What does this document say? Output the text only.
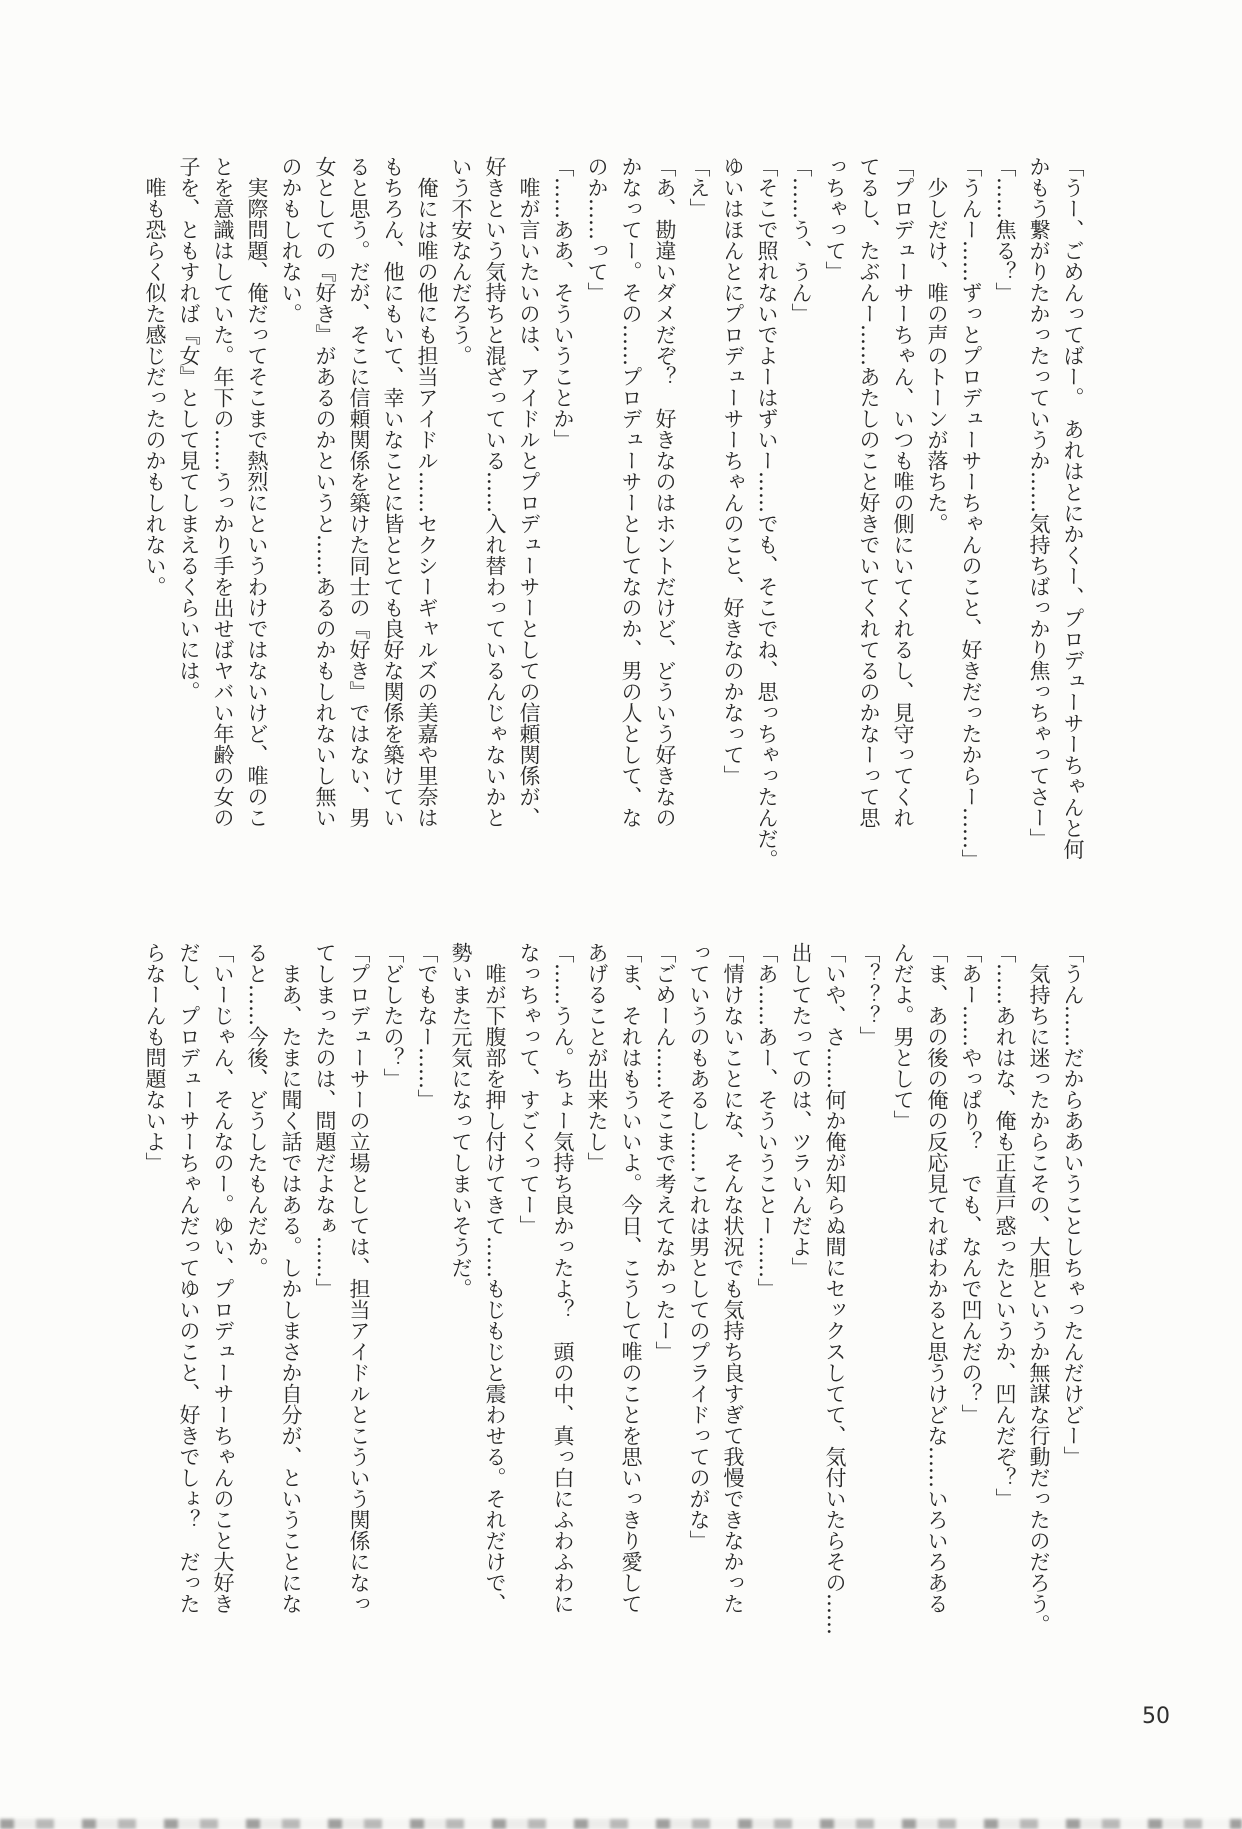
「うー、ごめんってばー。　あれはとにかくー、プロデューサーちゃんと何

かもう繋がりたかったっていうか……気持ちばっかり焦っちゃってさー」

「……焦る？」

「うんー……ずっとプロデューサーちゃんのこと、好きだったからー……」

　少しだけ、唯の声のトーンが落ちた。

「プロデューサーちゃん、いつも唯の側にいてくれるし、見守ってくれ

てるし、たぶんー……あたしのこと好きでいてくれてるのかなーって思

っちゃって」

「……う、うん」

「そこで照れないでよーはずいー……でも、そこでね、思っちゃったんだ。

ゆいはほんとにプロデューサーちゃんのこと、好きなのかなって」

「え」

「あ、勘違いダメだぞ？　好きなのはホントだけど、どういう好きなの

かなってー。その……プロデューサーとしてなのか、男の人として、な

のか……って」

「……ああ、そういうことか」

　唯が言いたいのは、アイドルとプロデューサーとしての信頼関係が、

好きという気持ちと混ざっている……入れ替わっているんじゃないかと

いう不安なんだろう。

　俺には唯の他にも担当アイドル……セクシーギャルズの美嘉や里奈は

もちろん、他にもいて、幸いなことに皆ととても良好な関係を築けてい

ると思う。だが、そこに信頼関係を築けた同士の『好き』ではない、男

女としての『好き』があるのかというと……あるのかもしれないし無い

のかもしれない。

　実際問題、俺だってそこまで熱烈にというわけではないけど、唯のこ

とを意識はしていた。年下の……うっかり手を出せばヤバい年齢の女の

子を、ともすれば『女』として見てしまえるくらいには。

　唯も恐らく似た感じだったのかもしれない。

「うん……だからああいうことしちゃったんだけどー」

　気持ちに迷ったからこその、大胆というか無謀な行動だったのだろう。

「……あれはな、俺も正直戸惑ったというか、凹んだぞ？」

「あー……やっぱり？　でも、なんで凹んだの？」

「ま、あの後の俺の反応見てればわかると思うけどな……いろいろある

んだよ。男として」

「？？？」

「いや、さ……何か俺が知らぬ間にセックスしてて、気付いたらその……

出してたってのは、ツラいんだよ」

「あ……あー、そういうことー……」

「情けないことにな、そんな状況でも気持ち良すぎて我慢できなかった

っていうのもあるし……これは男としてのプライドってのがな」

「ごめーん……そこまで考えてなかったー」

「ま、それはもういいよ。今日、こうして唯のことを思いっきり愛して

あげることが出来たし」

「……うん。ちょー気持ち良かったよ？　頭の中、真っ白にふわふわに

なっちゃって、すごくってー」

　唯が下腹部を押し付けてきて……もじもじと震わせる。それだけで、

勢いまた元気になってしまいそうだ。

「でもなー……」

「どしたの？」

「プロデューサーの立場としては、担当アイドルとこういう関係になっ

てしまったのは、問題だよなぁ……」

　まあ、たまに聞く話ではある。しかしまさか自分が、ということにな

ると……今後、どうしたもんだか。

「いーじゃん、そんなのー。ゆい、プロデューサーちゃんのこと大好き

だし、プロデューサーちゃんだってゆいのこと、好きでしょ？　だった

らなーんも問題ないよ」

50
